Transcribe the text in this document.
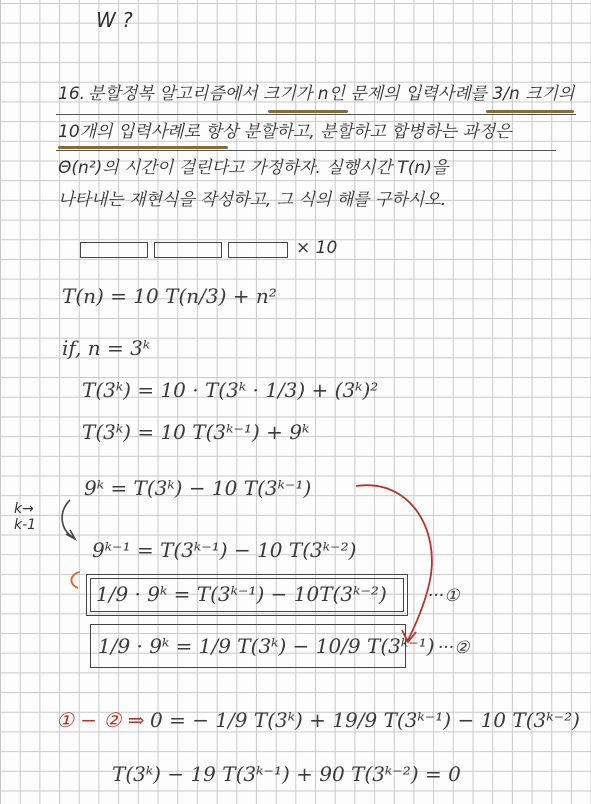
W ?
16. 분할정복 알고리즘에서 크기가 n인 문제의 입력사례를 3/n 크기의
10개의 입력사례로 항상 분할하고, 분할하고 합병하는 과정은
Θ(n²)의 시간이 걸린다고 가정하자. 실행시간 T(n)을
나타내는 재현식을 작성하고, 그 식의 해를 구하시오.
× 10
T(n) = 10 T(n/3) + n²
if, n = 3ᵏ
T(3ᵏ) = 10 · T(3ᵏ · 1/3) + (3ᵏ)²
T(3ᵏ) = 10 T(3ᵏ⁻¹) + 9ᵏ
9ᵏ = T(3ᵏ) − 10 T(3ᵏ⁻¹)
k→
k-1
9ᵏ⁻¹ = T(3ᵏ⁻¹) − 10 T(3ᵏ⁻²)
1/9 · 9ᵏ = T(3ᵏ⁻¹) − 10T(3ᵏ⁻²) ···①
1/9 · 9ᵏ = 1/9 T(3ᵏ) − 10/9 T(3ᵏ⁻¹) ···②
① − ② ⇒ 0 = − 1/9 T(3ᵏ) + 19/9 T(3ᵏ⁻¹) − 10 T(3ᵏ⁻²)
T(3ᵏ) − 19 T(3ᵏ⁻¹) + 90 T(3ᵏ⁻²) = 0
